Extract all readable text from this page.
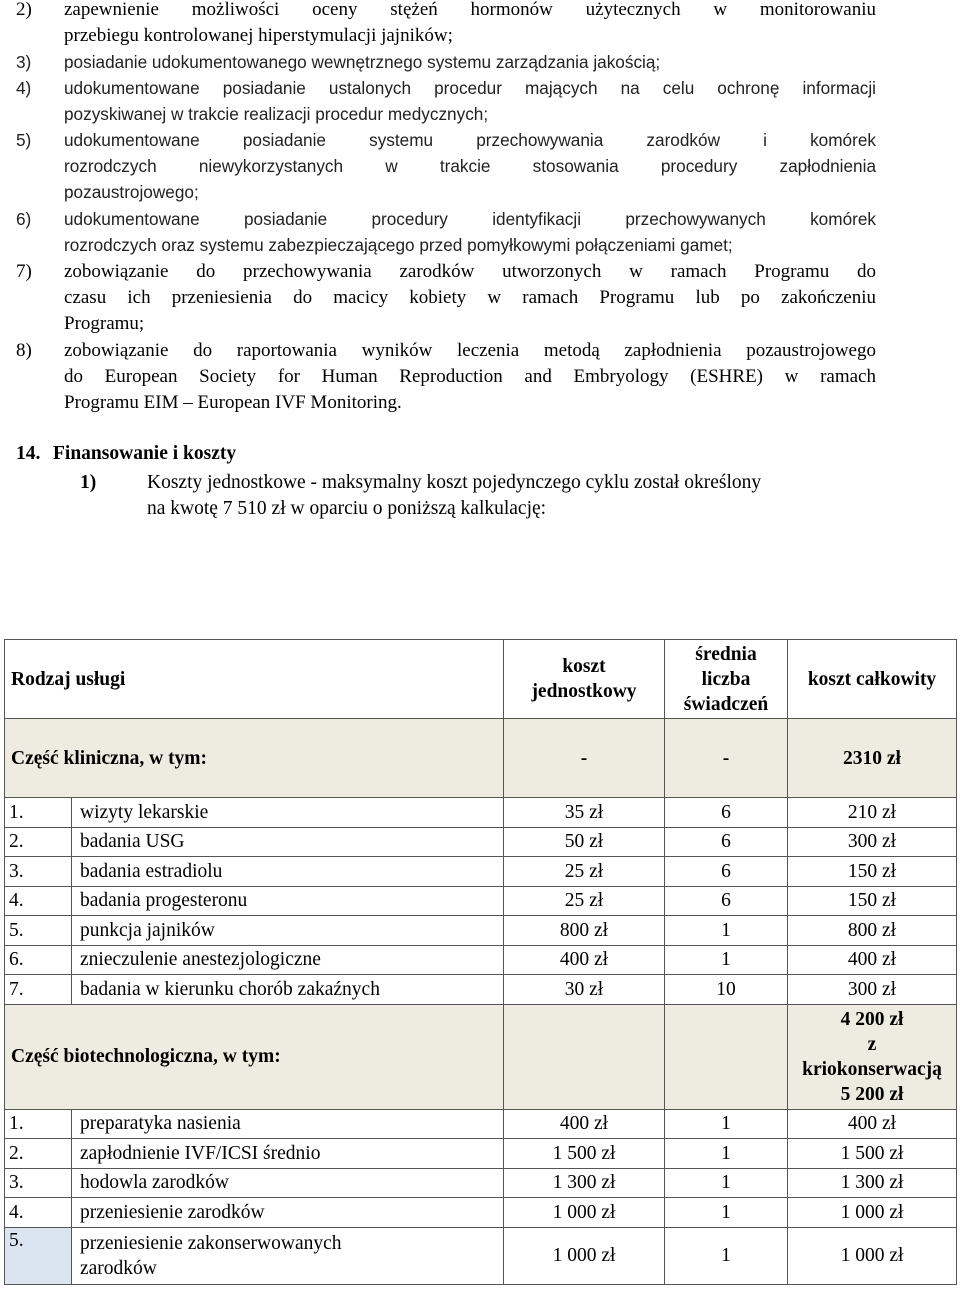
2)	zapewnienie możliwości oceny stężeń hormonów użytecznych w monitorowaniu
przebiegu kontrolowanej hiperstymulacji jajników;
3)	posiadanie udokumentowanego wewnętrznego systemu zarządzania jakością;
4)	udokumentowane posiadanie ustalonych procedur mających na celu ochronę informacji
pozyskiwanej w trakcie realizacji procedur medycznych;
5)	udokumentowane posiadanie systemu przechowywania zarodków i komórek
rozrodczych niewykorzystanych w trakcie stosowania procedury zapłodnienia
pozaustrojowego;
6)	udokumentowane posiadanie procedury identyfikacji przechowywanych komórek
rozrodczych oraz systemu zabezpieczającego przed pomyłkowymi połączeniami gamet;
7)	zobowiązanie do przechowywania zarodków utworzonych w ramach Programu do
czasu ich przeniesienia do macicy kobiety w ramach Programu lub po zakończeniu
Programu;
8)	zobowiązanie do raportowania wyników leczenia metodą zapłodnienia pozaustrojowego
do European Society for Human Reproduction and Embryology (ESHRE) w ramach
Programu EIM – European IVF Monitoring.
14. Finansowanie i koszty
1)	Koszty jednostkowe - maksymalny koszt pojedynczego cyklu został określony
na kwotę 7 510 zł w oparciu o poniższą kalkulację:
Rodzaj usługi		koszt jednostkowy	średnia liczba świadczeń	koszt całkowity
Część kliniczna, w tym:		-	-	2310 zł
1.	wizyty lekarskie	35 zł	6	210 zł
2.	badania USG	50 zł	6	300 zł
3.	badania estradiolu	25 zł	6	150 zł
4.	badania progesteronu	25 zł	6	150 zł
5.	punkcja jajników	800 zł	1	800 zł
6.	znieczulenie anestezjologiczne	400 zł	1	400 zł
7.	badania w kierunku chorób zakaźnych	30 zł	10	300 zł
Część biotechnologiczna, w tym:				4 200 zł
z
kriokonserwacją
5 200 zł

1.	preparatyka nasienia	400 zł	1	400 zł
2.	zapłodnienie IVF/ICSI średnio	1 500 zł	1	1 500 zł
3.	hodowla zarodków	1 300 zł	1	1 300 zł
4.	przeniesienie zarodków	1 000 zł	1	1 000 zł
5.	przeniesienie zakonserwowanych
zarodków	1 000 zł	1	1 000 zł
